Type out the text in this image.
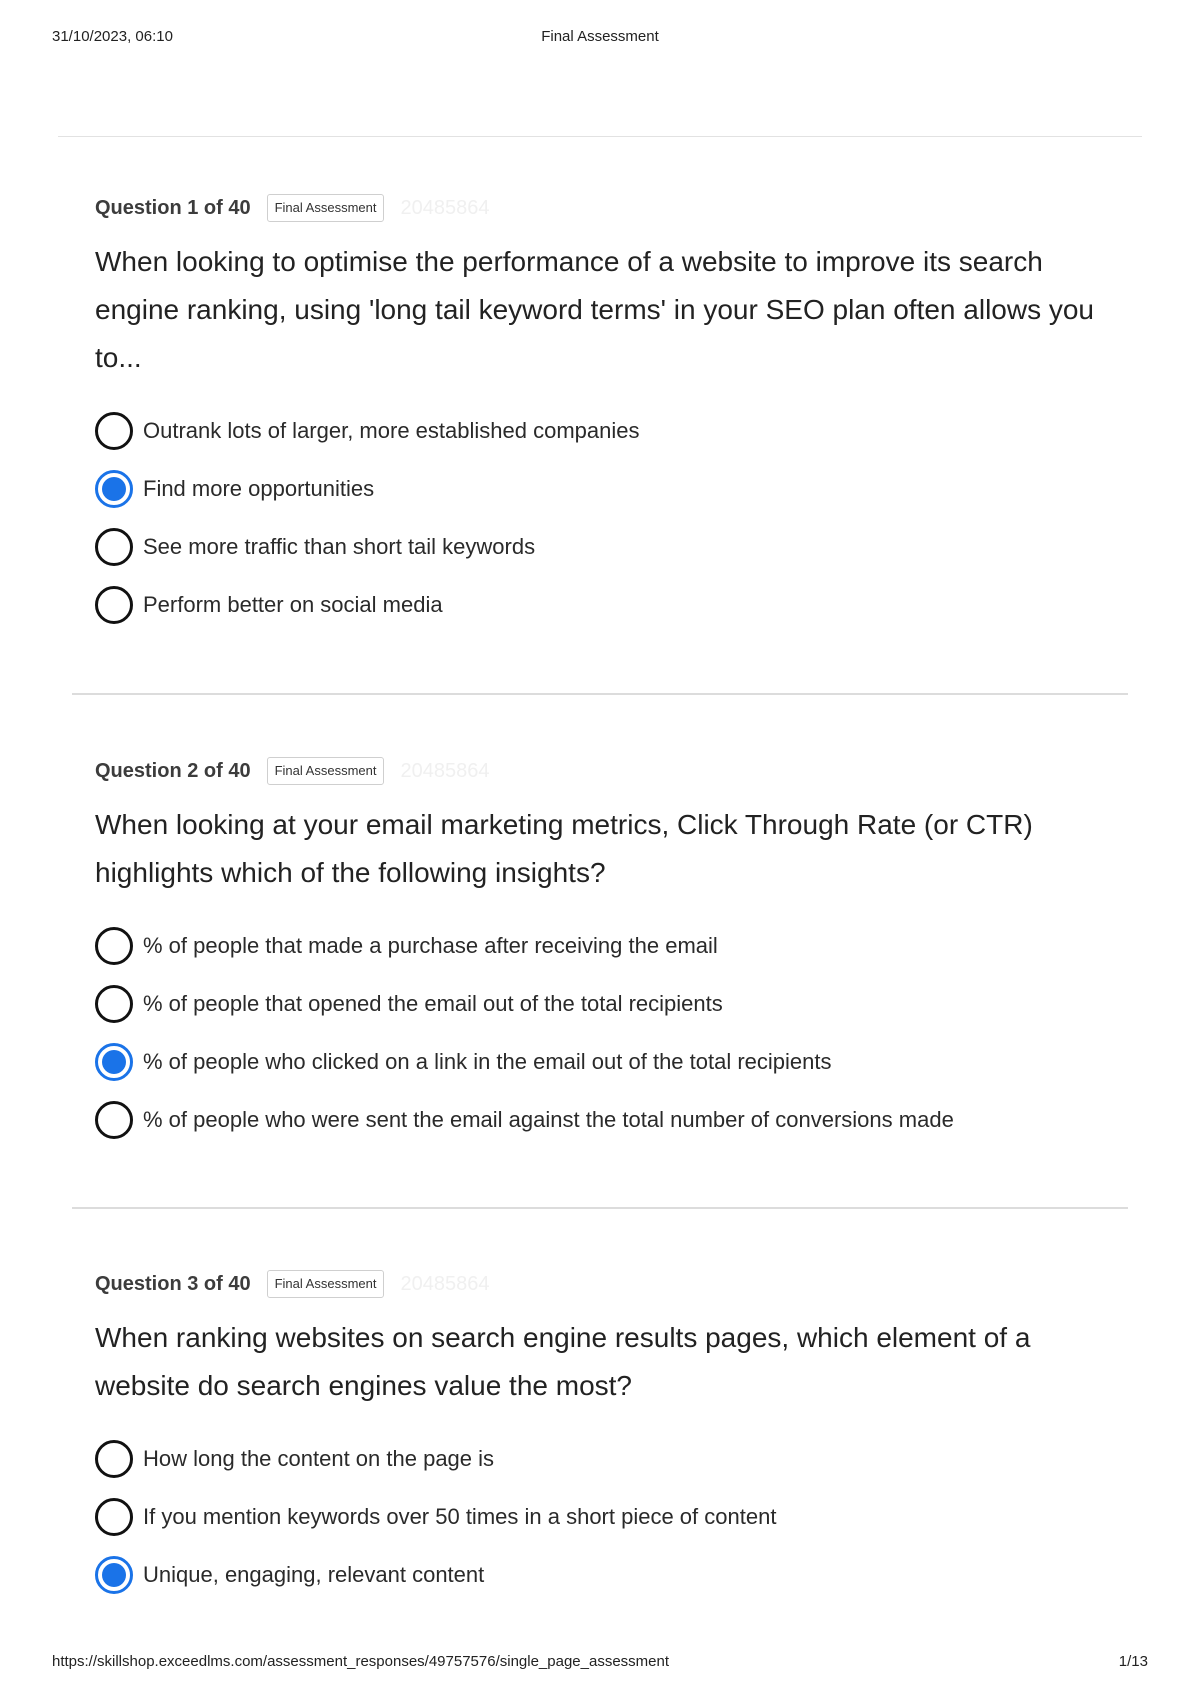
31/10/2023, 06:10	Final Assessment
Question 1 of 40	Final Assessment	20485864

When looking to optimise the performance of a website to improve its search engine ranking, using 'long tail keyword terms' in your SEO plan often allows you to...

Outrank lots of larger, more established companies
Find more opportunities
See more traffic than short tail keywords
Perform better on social media
Question 2 of 40	Final Assessment	20485864

When looking at your email marketing metrics, Click Through Rate (or CTR) highlights which of the following insights?

% of people that made a purchase after receiving the email
% of people that opened the email out of the total recipients
% of people who clicked on a link in the email out of the total recipients
% of people who were sent the email against the total number of conversions made
Question 3 of 40	Final Assessment	20485864

When ranking websites on search engine results pages, which element of a website do search engines value the most?

How long the content on the page is
If you mention keywords over 50 times in a short piece of content
Unique, engaging, relevant content
https://skillshop.exceedlms.com/assessment_responses/49757576/single_page_assessment	1/13
